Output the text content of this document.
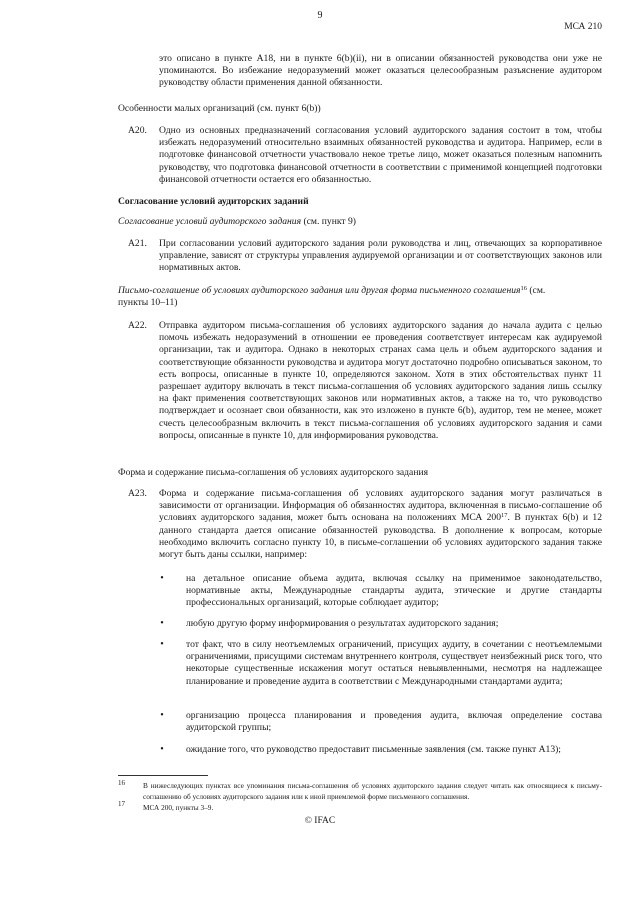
9
МСА 210

это описано в пункте А18, ни в пункте 6(b)(ii), ни в описании обязанностей руководства они уже не упоминаются. Во избежание недоразумений может оказаться целесообразным разъяснение аудитором руководству области применения данной обязанности.

Особенности малых организаций (см. пункт 6(b))

А20.	Одно из основных предназначений согласования условий аудиторского задания состоит в том, чтобы избежать недоразумений относительно взаимных обязанностей руководства и аудитора. Например, если в подготовке финансовой отчетности участвовало некое третье лицо, может оказаться полезным напомнить руководству, что подготовка финансовой отчетности в соответствии с применимой концепцией подготовки финансовой отчетности остается его обязанностью.

Согласование условий аудиторских заданий

Согласование условий аудиторского задания (см. пункт 9)

А21.	При согласовании условий аудиторского задания роли руководства и лиц, отвечающих за корпоративное управление, зависят от структуры управления аудируемой организации и от соответствующих законов или нормативных актов.

Письмо-соглашение об условиях аудиторского задания или другая форма письменного соглашения$^{16}$ (см.
пункты 10–11)

А22.	Отправка аудитором письма-соглашения об условиях аудиторского задания до начала аудита с целью помочь избежать недоразумений в отношении ее проведения соответствует интересам как аудируемой организации, так и аудитора. Однако в некоторых странах сама цель и объем аудиторского задания и соответствующие обязанности руководства и аудитора могут достаточно подробно описываться законом, то есть вопросы, описанные в пункте 10, определяются законом. Хотя в этих обстоятельствах пункт 11 разрешает аудитору включать в текст письма-соглашения об условиях аудиторского задания лишь ссылку на факт применения соответствующих законов или нормативных актов, а также на то, что руководство подтверждает и осознает свои обязанности, как это изложено в пункте 6(b), аудитор, тем не менее, может счесть целесообразным включить в текст письма-соглашения об условиях аудиторского задания и сами вопросы, описанные в пункте 10, для информирования руководства.

Форма и содержание письма-соглашения об условиях аудиторского задания

А23.	Форма и содержание письма-соглашения об условиях аудиторского задания могут различаться в зависимости от организации. Информация об обязанностях аудитора, включенная в письмо-соглашение об условиях аудиторского задания, может быть основана на положениях МСА $200^{17}$. В пунктах 6(b) и 12 данного стандарта дается описание обязанностей руководства. В дополнение к вопросам, которые необходимо включить согласно пункту 10, в письме-соглашении об условиях аудиторского задания также могут быть даны ссылки, например:

•	на детальное описание объема аудита, включая ссылку на применимое законодательство, нормативные акты, Международные стандарты аудита, этические и другие стандарты профессиональных организаций, которые соблюдает аудитор;

•	любую другую форму информирования о результатах аудиторского задания;

•	тот факт, что в силу неотъемлемых ограничений, присущих аудиту, в сочетании с неотъемлемыми ограничениями, присущими системам внутреннего контроля, существует неизбежный риск того, что некоторые существенные искажения могут остаться невыявленными, несмотря на надлежащее планирование и проведение аудита в соответствии с Международными стандартами аудита;

•	организацию процесса планирования и проведения аудита, включая определение состава аудиторской группы;

•	ожидание того, что руководство предоставит письменные заявления (см. также пункт А13);

16	В нижеследующих пунктах все упоминания письма-соглашения об условиях аудиторского задания следует читать как относящиеся к письму-соглашению об условиях аудиторского задания или к иной приемлемой форме письменного соглашения.

17	МСА 200, пункты 3–9.

© IFAC
